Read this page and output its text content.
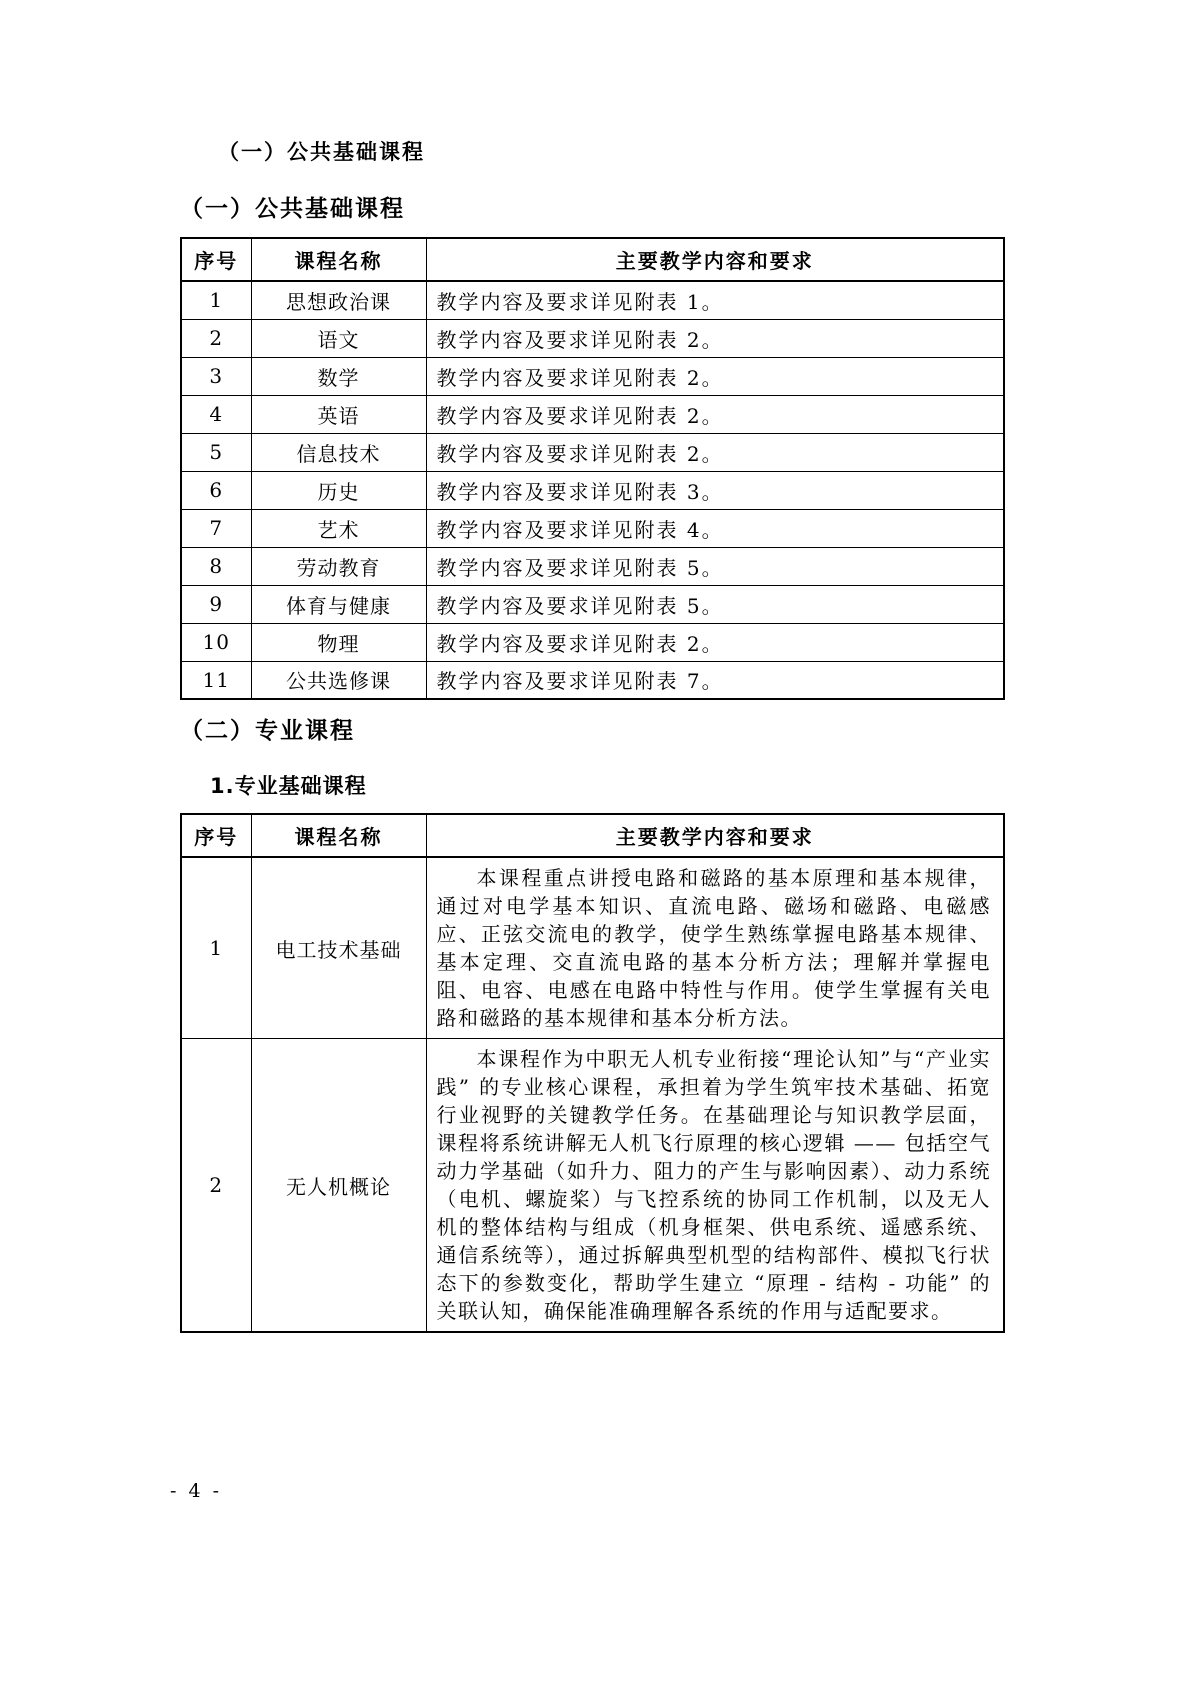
（一）公共基础课程
（一）公共基础课程
序号	课程名称	主要教学内容和要求
1	思想政治课	教学内容及要求详见附表 1。
2	语文	教学内容及要求详见附表 2。
3	数学	教学内容及要求详见附表 2。
4	英语	教学内容及要求详见附表 2。
5	信息技术	教学内容及要求详见附表 2。
6	历史	教学内容及要求详见附表 3。
7	艺术	教学内容及要求详见附表 4。
8	劳动教育	教学内容及要求详见附表 5。
9	体育与健康	教学内容及要求详见附表 5。
10	物理	教学内容及要求详见附表 2。
11	公共选修课	教学内容及要求详见附表 7。
（二）专业课程
1.专业基础课程
序号	课程名称	主要教学内容和要求
1	电工技术基础	本课程重点讲授电路和磁路的基本原理和基本规律，通过对电学基本知识、直流电路、磁场和磁路、电磁感应、正弦交流电的教学，使学生熟练掌握电路基本规律、基本定理、交直流电路的基本分析方法；理解并掌握电阻、电容、电感在电路中特性与作用。使学生掌握有关电路和磁路的基本规律和基本分析方法。

2	无人机概论	本课程作为中职无人机专业衔接“理论认知”与“产业实践” 的专业核心课程，承担着为学生筑牢技术基础、拓宽行业视野的关键教学任务。在基础理论与知识教学层面，课程将系统讲解无人机飞行原理的核心逻辑 —— 包括空气动力学基础（如升力、阻力的产生与影响因素）、动力系统（电机、螺旋桨）与飞控系统的协同工作机制，以及无人机的整体结构与组成（机身框架、供电系统、遥感系统、通信系统等），通过拆解典型机型的结构部件、模拟飞行状态下的参数变化，帮助学生建立 “原理 - 结构 - 功能” 的关联认知，确保能准确理解各系统的作用与适配要求。
- 4 -
